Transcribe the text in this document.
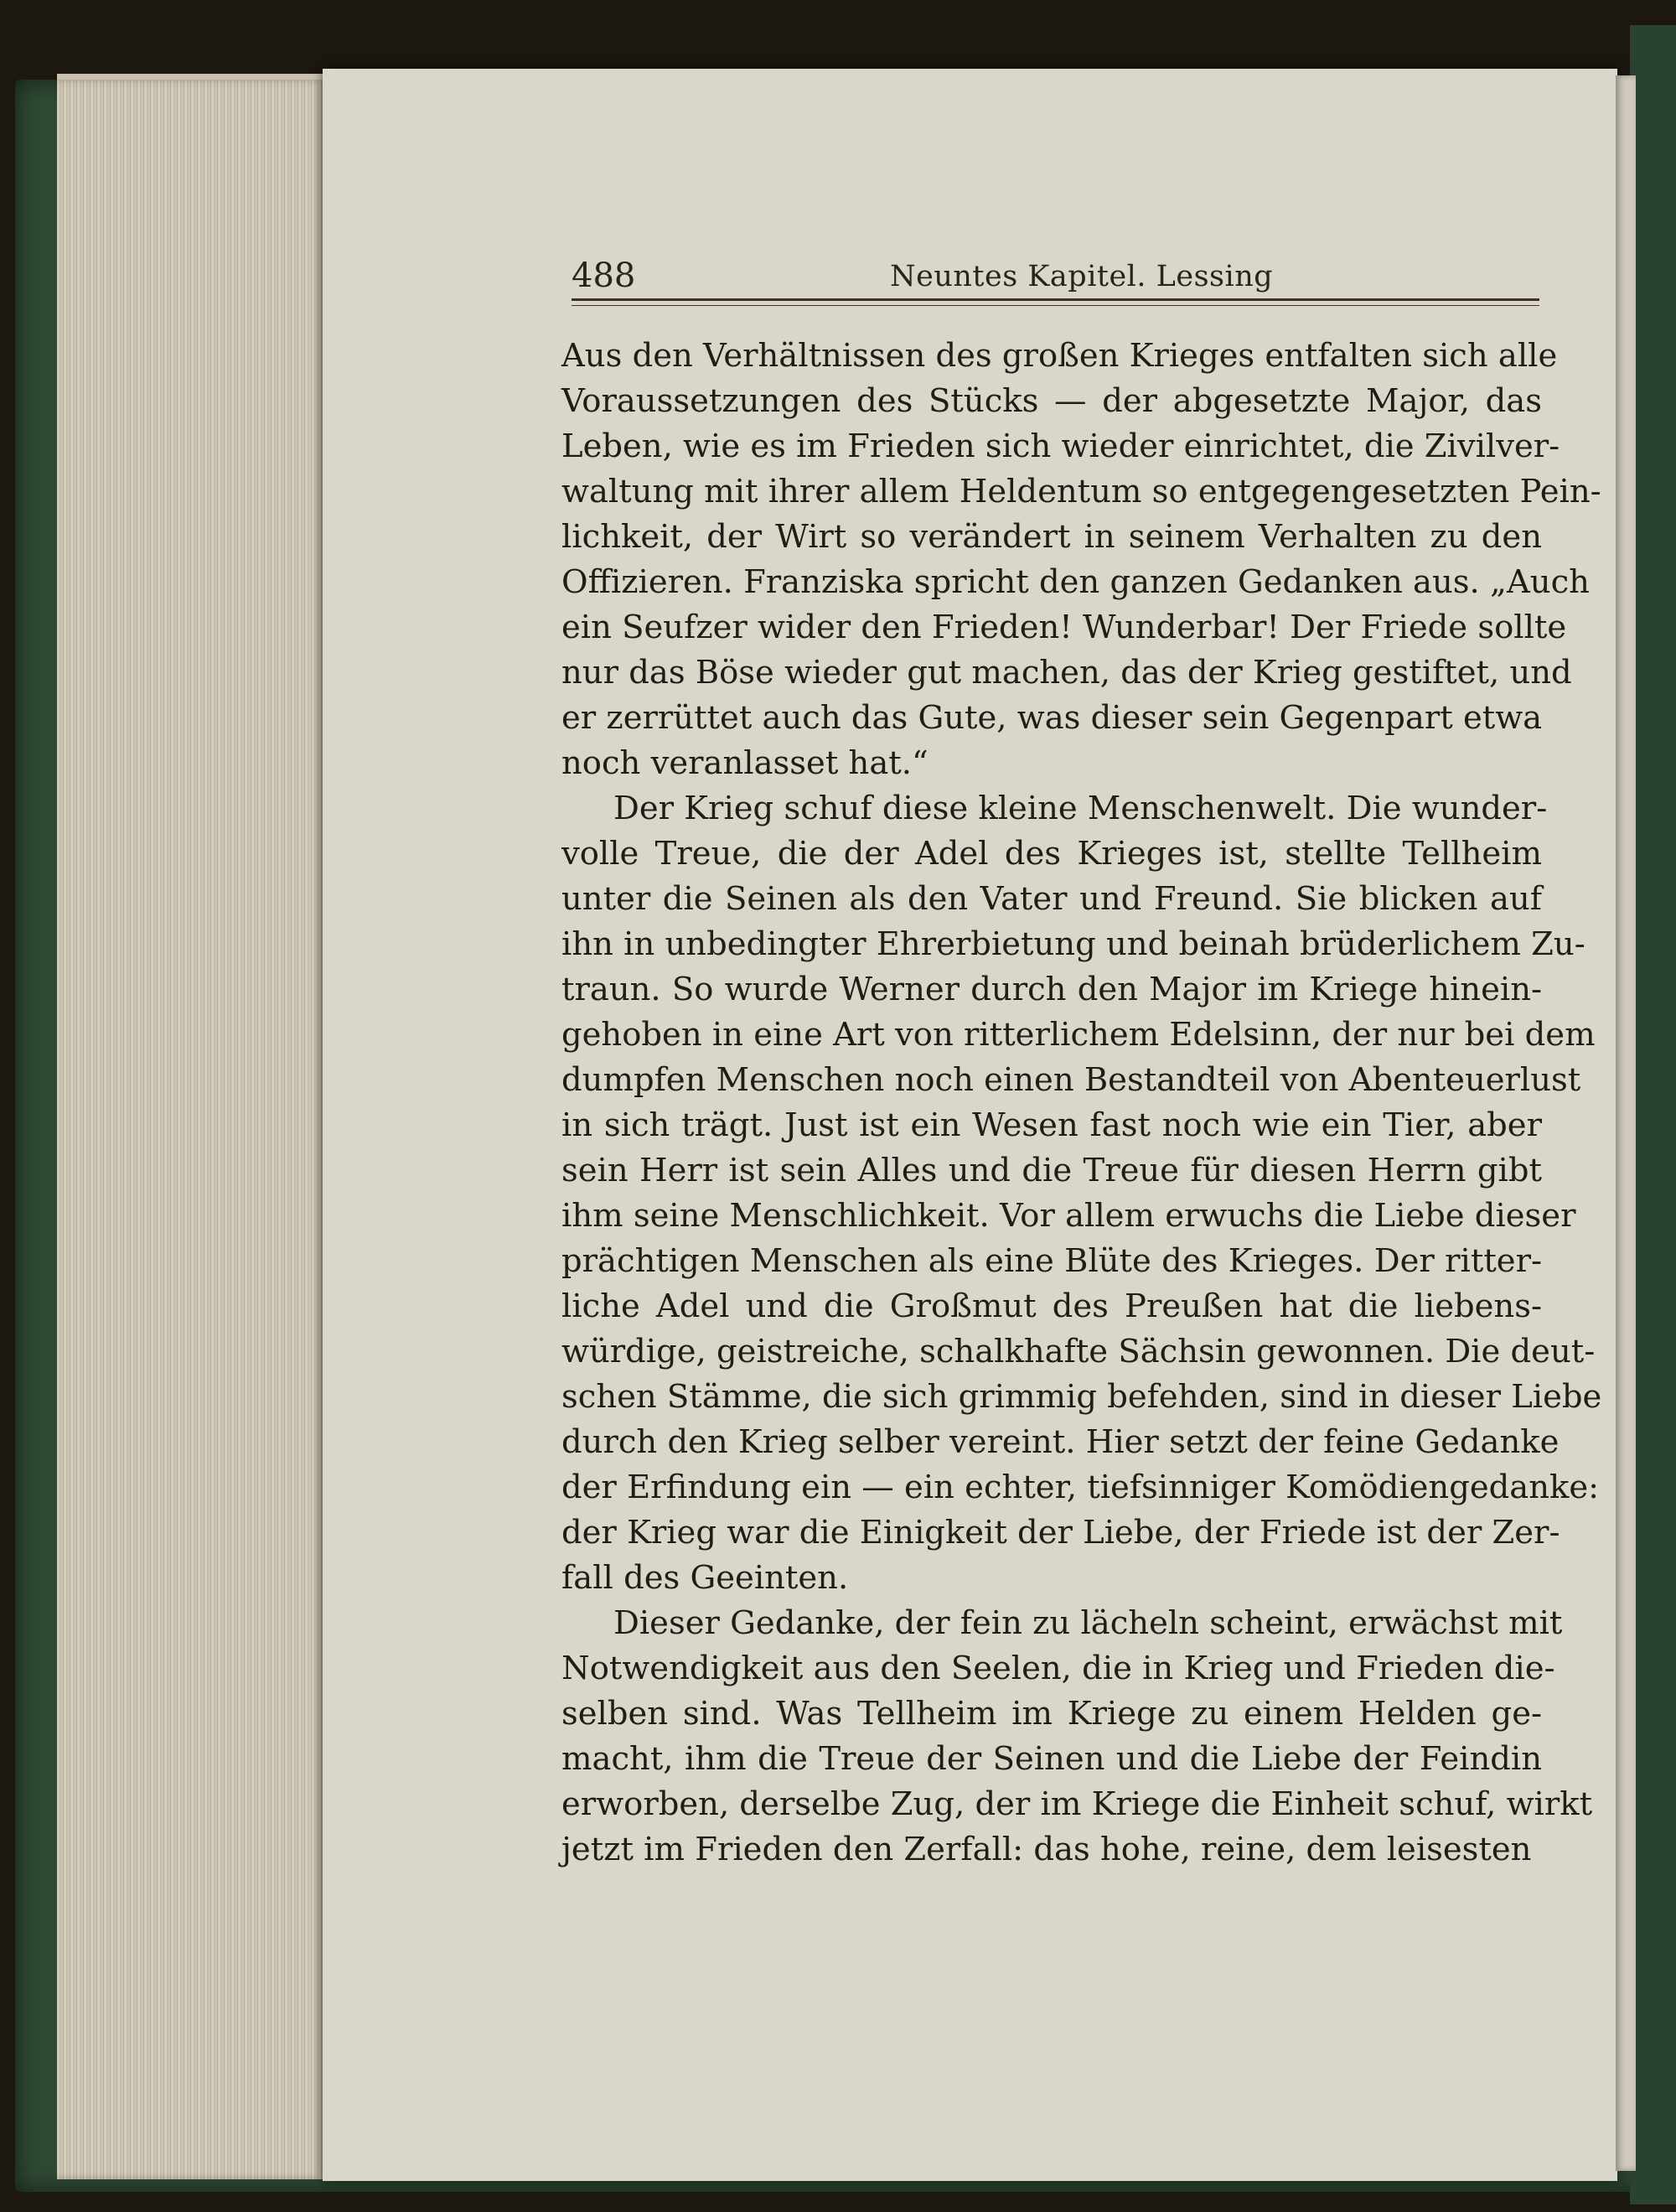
488	Neuntes Kapitel. Lessing
Aus den Verhältnissen des großen Krieges entfalten sich alle
Voraussetzungen des Stücks — der abgesetzte Major, das
Leben, wie es im Frieden sich wieder einrichtet, die Zivilver-
waltung mit ihrer allem Heldentum so entgegengesetzten Pein-
lichkeit, der Wirt so verändert in seinem Verhalten zu den
Offizieren. Franziska spricht den ganzen Gedanken aus. „Auch
ein Seufzer wider den Frieden! Wunderbar! Der Friede sollte
nur das Böse wieder gut machen, das der Krieg gestiftet, und
er zerrüttet auch das Gute, was dieser sein Gegenpart etwa
noch veranlasset hat.“
Der Krieg schuf diese kleine Menschenwelt. Die wunder-
volle Treue, die der Adel des Krieges ist, stellte Tellheim
unter die Seinen als den Vater und Freund. Sie blicken auf
ihn in unbedingter Ehrerbietung und beinah brüderlichem Zu-
traun. So wurde Werner durch den Major im Kriege hinein-
gehoben in eine Art von ritterlichem Edelsinn, der nur bei dem
dumpfen Menschen noch einen Bestandteil von Abenteuerlust
in sich trägt. Just ist ein Wesen fast noch wie ein Tier, aber
sein Herr ist sein Alles und die Treue für diesen Herrn gibt
ihm seine Menschlichkeit. Vor allem erwuchs die Liebe dieser
prächtigen Menschen als eine Blüte des Krieges. Der ritter-
liche Adel und die Großmut des Preußen hat die liebens-
würdige, geistreiche, schalkhafte Sächsin gewonnen. Die deut-
schen Stämme, die sich grimmig befehden, sind in dieser Liebe
durch den Krieg selber vereint. Hier setzt der feine Gedanke
der Erfindung ein — ein echter, tiefsinniger Komödiengedanke:
der Krieg war die Einigkeit der Liebe, der Friede ist der Zer-
fall des Geeinten.
Dieser Gedanke, der fein zu lächeln scheint, erwächst mit
Notwendigkeit aus den Seelen, die in Krieg und Frieden die-
selben sind. Was Tellheim im Kriege zu einem Helden ge-
macht, ihm die Treue der Seinen und die Liebe der Feindin
erworben, derselbe Zug, der im Kriege die Einheit schuf, wirkt
jetzt im Frieden den Zerfall: das hohe, reine, dem leisesten
